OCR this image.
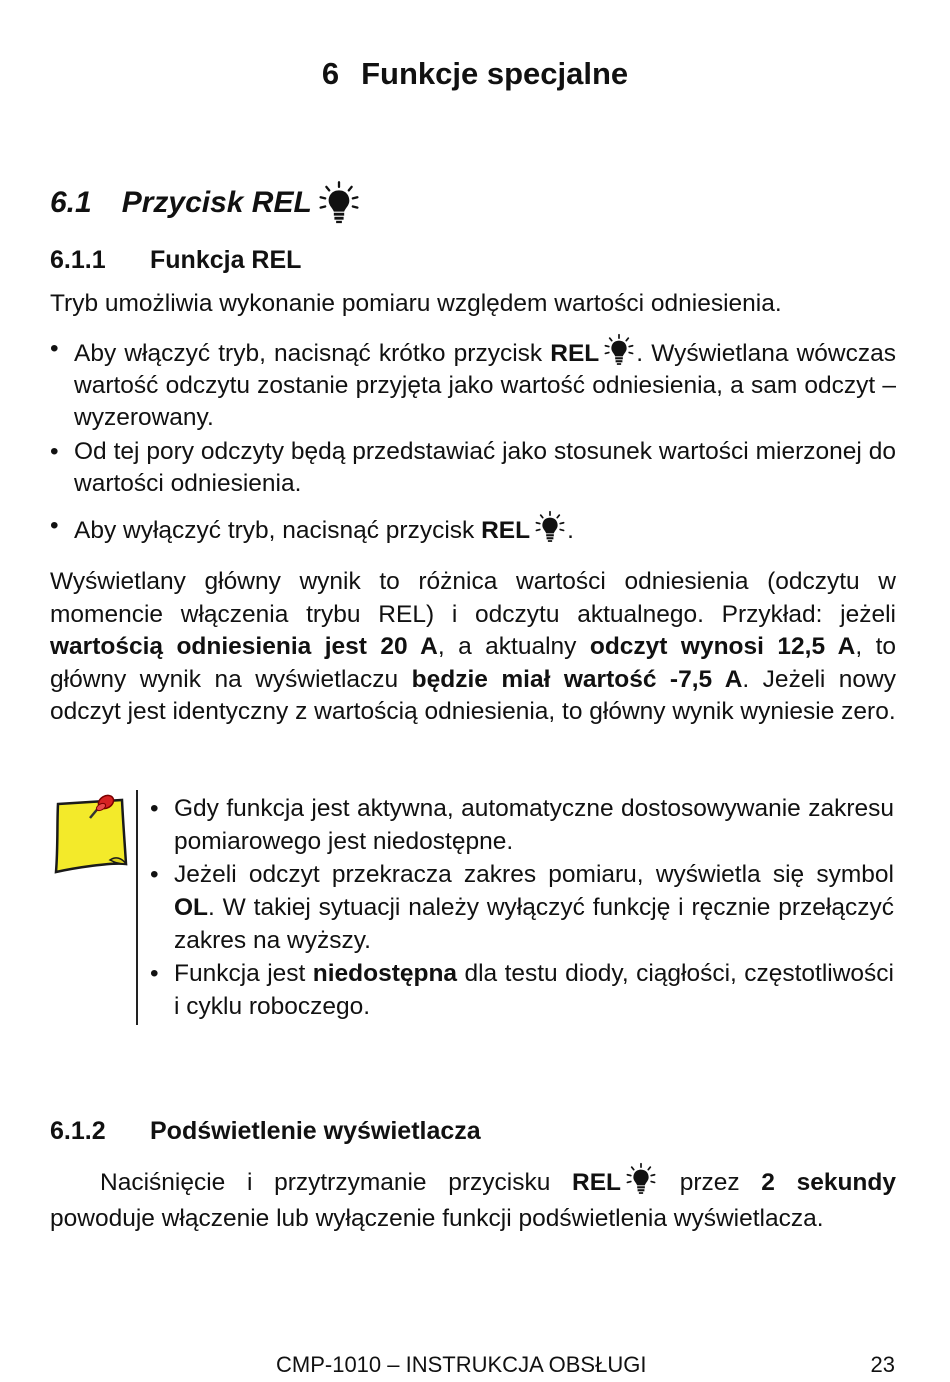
6 Funkcje specjalne
6.1 Przycisk REL
6.1.1	Funkcja REL

Tryb umożliwia wykonanie pomiaru względem wartości odniesienia.

• Aby włączyć tryb, nacisnąć krótko przycisk REL . Wyświetlana wówczas wartość odczytu zostanie przyjęta jako wartość odniesienia, a sam odczyt – wyzerowany.
• Od tej pory odczyty będą przedstawiać jako stosunek wartości mierzonej do wartości odniesienia.
• Aby wyłączyć tryb, nacisnąć przycisk REL .

Wyświetlany główny wynik to różnica wartości odniesienia (odczytu w momencie włączenia trybu REL) i odczytu aktualnego. Przykład: jeżeli wartością odniesienia jest 20 A, a aktualny odczyt wynosi 12,5 A, to główny wynik na wyświetlaczu będzie miał wartość -7,5 A. Jeżeli nowy odczyt jest identyczny z wartością odniesienia, to główny wynik wyniesie zero.

• Gdy funkcja jest aktywna, automatyczne dostosowywanie zakresu pomiarowego jest niedostępne.
• Jeżeli odczyt przekracza zakres pomiaru, wyświetla się symbol OL. W takiej sytuacji należy wyłączyć funkcję i ręcznie przełączyć zakres na wyższy.
• Funkcja jest niedostępna dla testu diody, ciągłości, częstotliwości i cyklu roboczego.
6.1.2	Podświetlenie wyświetlacza

Naciśnięcie i przytrzymanie przycisku REL przez 2 sekundy powoduje włączenie lub wyłączenie funkcji podświetlenia wyświetlacza.

CMP-1010 – INSTRUKCJA OBSŁUGI	23
